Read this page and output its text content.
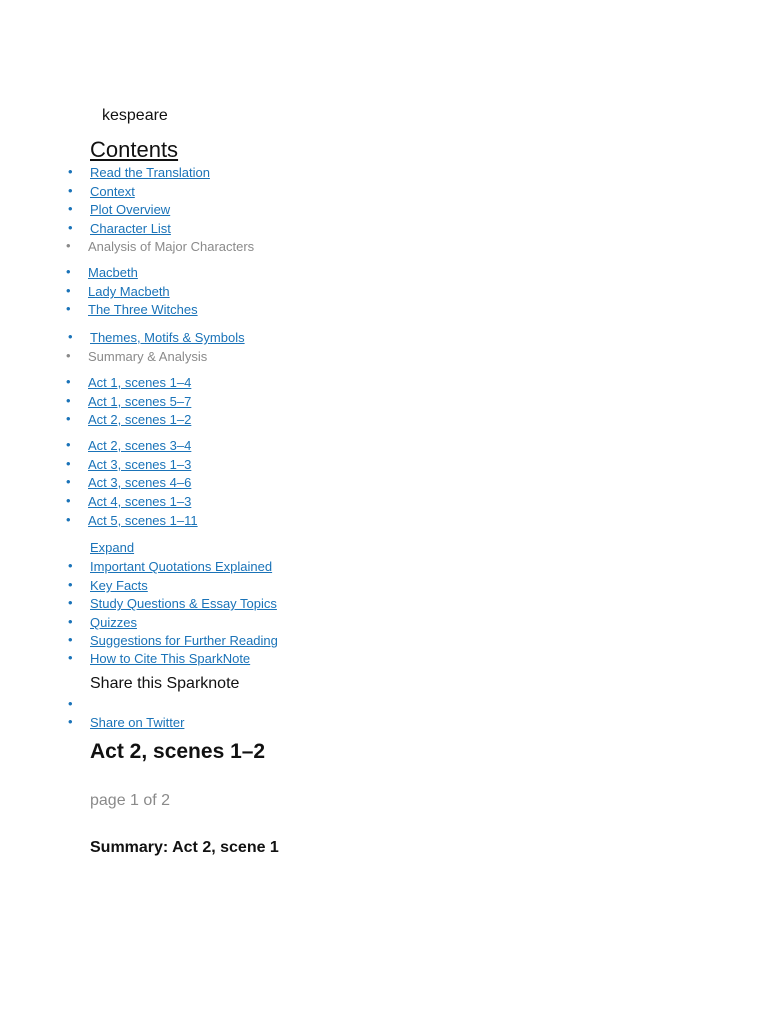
kespeare
Contents
• Read the Translation
• Context
• Plot Overview
• Character List
• Analysis of Major Characters
• Macbeth
• Lady Macbeth
• The Three Witches
• Themes, Motifs & Symbols
• Summary & Analysis
• Act 1, scenes 1–4
• Act 1, scenes 5–7
• Act 2, scenes 1–2
• Act 2, scenes 3–4
• Act 3, scenes 1–3
• Act 3, scenes 4–6
• Act 4, scenes 1–3
• Act 5, scenes 1–11
Expand
• Important Quotations Explained
• Key Facts
• Study Questions & Essay Topics
• Quizzes
• Suggestions for Further Reading
• How to Cite This SparkNote
Share this Sparknote
•
• Share on Twitter
Act 2, scenes 1–2
page 1 of 2
Summary: Act 2, scene 1
